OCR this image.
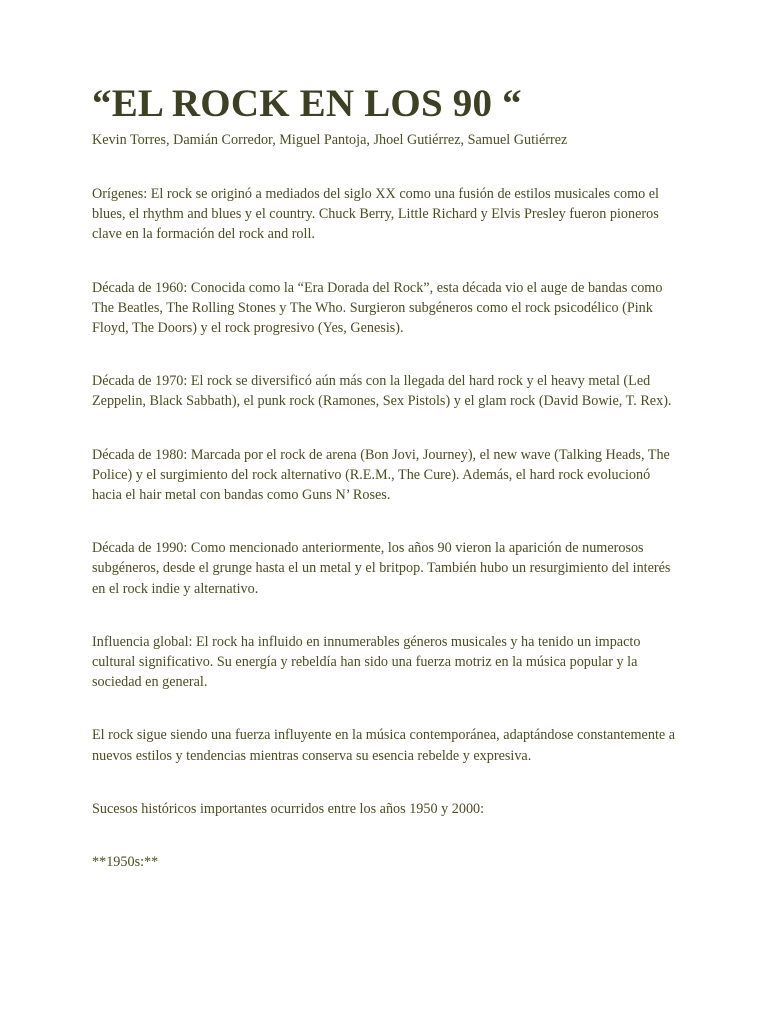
“EL ROCK EN LOS 90 “
Kevin Torres, Damián Corredor, Miguel Pantoja, Jhoel Gutiérrez, Samuel Gutiérrez

Orígenes: El rock se originó a mediados del siglo XX como una fusión de estilos musicales como el blues, el rhythm and blues y el country. Chuck Berry, Little Richard y Elvis Presley fueron pioneros clave en la formación del rock and roll.

Década de 1960: Conocida como la “Era Dorada del Rock”, esta década vio el auge de bandas como The Beatles, The Rolling Stones y The Who. Surgieron subgéneros como el rock psicodélico (Pink Floyd, The Doors) y el rock progresivo (Yes, Genesis).

Década de 1970: El rock se diversificó aún más con la llegada del hard rock y el heavy metal (Led Zeppelin, Black Sabbath), el punk rock (Ramones, Sex Pistols) y el glam rock (David Bowie, T. Rex).

Década de 1980: Marcada por el rock de arena (Bon Jovi, Journey), el new wave (Talking Heads, The Police) y el surgimiento del rock alternativo (R.E.M., The Cure). Además, el hard rock evolucionó hacia el hair metal con bandas como Guns N’ Roses.

Década de 1990: Como mencionado anteriormente, los años 90 vieron la aparición de numerosos subgéneros, desde el grunge hasta el un metal y el britpop. También hubo un resurgimiento del interés en el rock indie y alternativo.

Influencia global: El rock ha influido en innumerables géneros musicales y ha tenido un impacto cultural significativo. Su energía y rebeldía han sido una fuerza motriz en la música popular y la sociedad en general.

El rock sigue siendo una fuerza influyente en la música contemporánea, adaptándose constantemente a nuevos estilos y tendencias mientras conserva su esencia rebelde y expresiva.

Sucesos históricos importantes ocurridos entre los años 1950 y 2000:

**1950s:**
